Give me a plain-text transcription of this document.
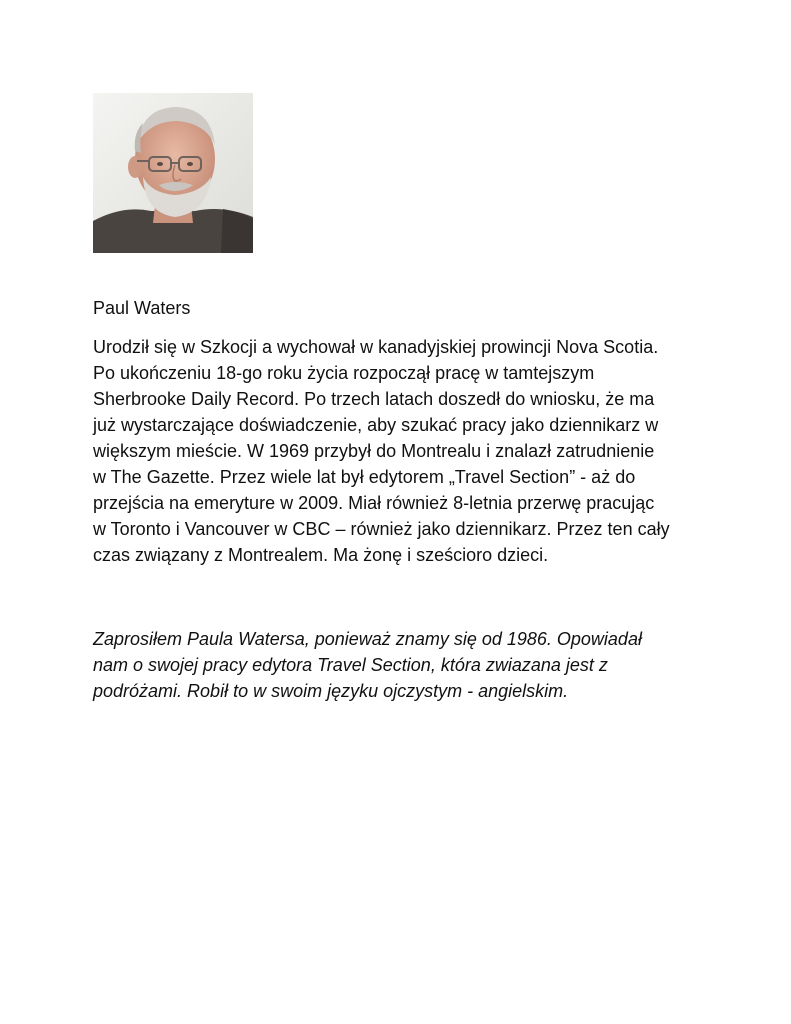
Paul Waters

Urodził się w Szkocji a wychował w kanadyjskiej prowincji Nova Scotia.
Po ukończeniu 18-go roku życia rozpoczął pracę w tamtejszym
Sherbrooke Daily Record. Po trzech latach doszedł do wniosku, że ma
już wystarczające doświadczenie, aby szukać pracy jako dziennikarz w
większym mieście. W 1969 przybył do Montrealu i znalazł zatrudnienie
w The Gazette. Przez wiele lat był edytorem „Travel Section” - aż do
przejścia na emeryture w 2009. Miał również 8-letnia przerwę pracując
w Toronto i Vancouver w CBC – również jako dziennikarz. Przez ten cały
czas związany z Montrealem. Ma żonę i sześcioro dzieci.

Zaprosiłem Paula Watersa, ponieważ znamy się od 1986. Opowiadał
nam o swojej pracy edytora Travel Section, która zwiazana jest z
podróżami. Robił to w swoim języku ojczystym - angielskim.
